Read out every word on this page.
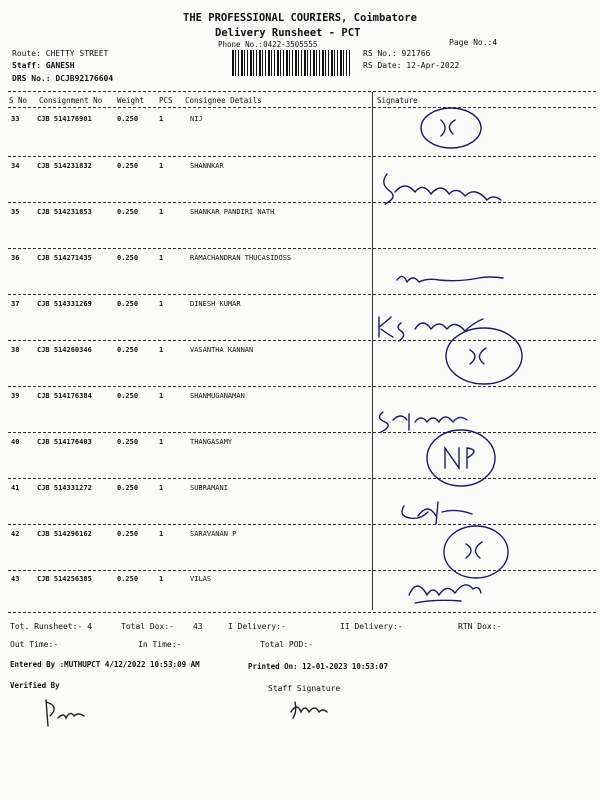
THE PROFESSIONAL COURIERS, Coimbatore
Delivery Runsheet - PCT
Phone No.:0422-3505555	Page No.:4
Route: CHETTY STREET
Staff: GANESH
DRS No.: DCJB92176604
RS No.: 921766
RS Date: 12-Apr-2022
S No Consignment No Weight PCS Consignee Details	Signature
33	CJB 514176901	0.250	1	NIJ
34	CJB 514231832	0.250	1	SHANNKAR
35	CJB 514231853	0.250	1	SHANKAR PANDIRI NATH
36	CJB 514271435	0.250	1	RAMACHANDRAN THUCASIDOSS
37	CJB 514331269	0.250	1	DINESH KUMAR
38	CJB 514260346	0.250	1	VASANTHA KANNAN
39	CJB 514176384	0.250	1	SHANMUGANAMAN
40	CJB 514176403	0.250	1	THANGASAMY
41	CJB 514331272	0.250	1	SUBRAMANI
42	CJB 514296162	0.250	1	SARAVANAN P
43	CJB 514256385	0.250	1	VILAS
Tot. Runsheet:- 4	Total Dox:- 43	I Delivery:-	II Delivery:-	RTN Dox:-
Out Time:-	In Time:-	Total POD:-
Entered By :MUTHUPCT 4/12/2022 10:53:09 AM	Printed On: 12-01-2023 10:53:07
Verified By	Staff Signature
